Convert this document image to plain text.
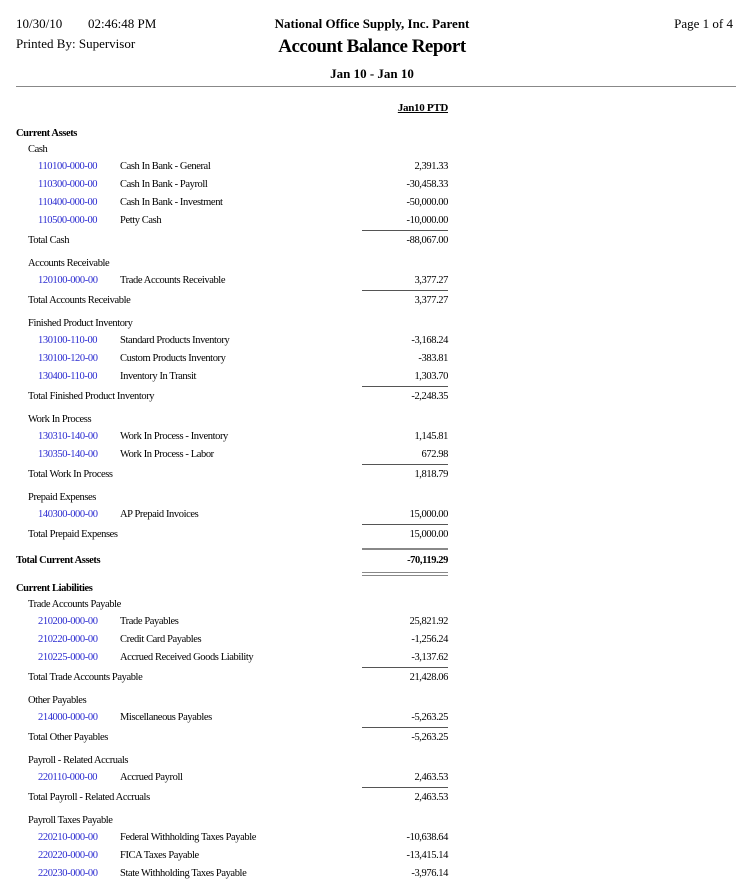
10/30/10 02:46:48 PM
Printed By: Supervisor
National Office Supply, Inc. Parent
Account Balance Report
Jan 10 - Jan 10
Page 1 of 4
Jan10 PTD
Current Assets
Cash
110100-000-00 Cash In Bank - General	2,391.33
110300-000-00 Cash In Bank - Payroll	-30,458.33
110400-000-00 Cash In Bank - Investment	-50,000.00
110500-000-00 Petty Cash	-10,000.00
Total Cash	-88,067.00
Accounts Receivable
120100-000-00 Trade Accounts Receivable	3,377.27
Total Accounts Receivable	3,377.27
Finished Product Inventory
130100-110-00 Standard Products Inventory	-3,168.24
130100-120-00 Custom Products Inventory	-383.81
130400-110-00 Inventory In Transit	1,303.70
Total Finished Product Inventory	-2,248.35
Work In Process
130310-140-00 Work In Process - Inventory	1,145.81
130350-140-00 Work In Process - Labor	672.98
Total Work In Process	1,818.79
Prepaid Expenses
140300-000-00 AP Prepaid Invoices	15,000.00
Total Prepaid Expenses	15,000.00
Total Current Assets	-70,119.29
Current Liabilities
Trade Accounts Payable
210200-000-00 Trade Payables	25,821.92
210220-000-00 Credit Card Payables	-1,256.24
210225-000-00 Accrued Received Goods Liability	-3,137.62
Total Trade Accounts Payable	21,428.06
Other Payables
214000-000-00 Miscellaneous Payables	-5,263.25
Total Other Payables	-5,263.25
Payroll - Related Accruals
220110-000-00 Accrued Payroll	2,463.53
Total Payroll - Related Accruals	2,463.53
Payroll Taxes Payable
220210-000-00 Federal Withholding Taxes Payable	-10,638.64
220220-000-00 FICA Taxes Payable	-13,415.14
220230-000-00 State Withholding Taxes Payable	-3,976.14
